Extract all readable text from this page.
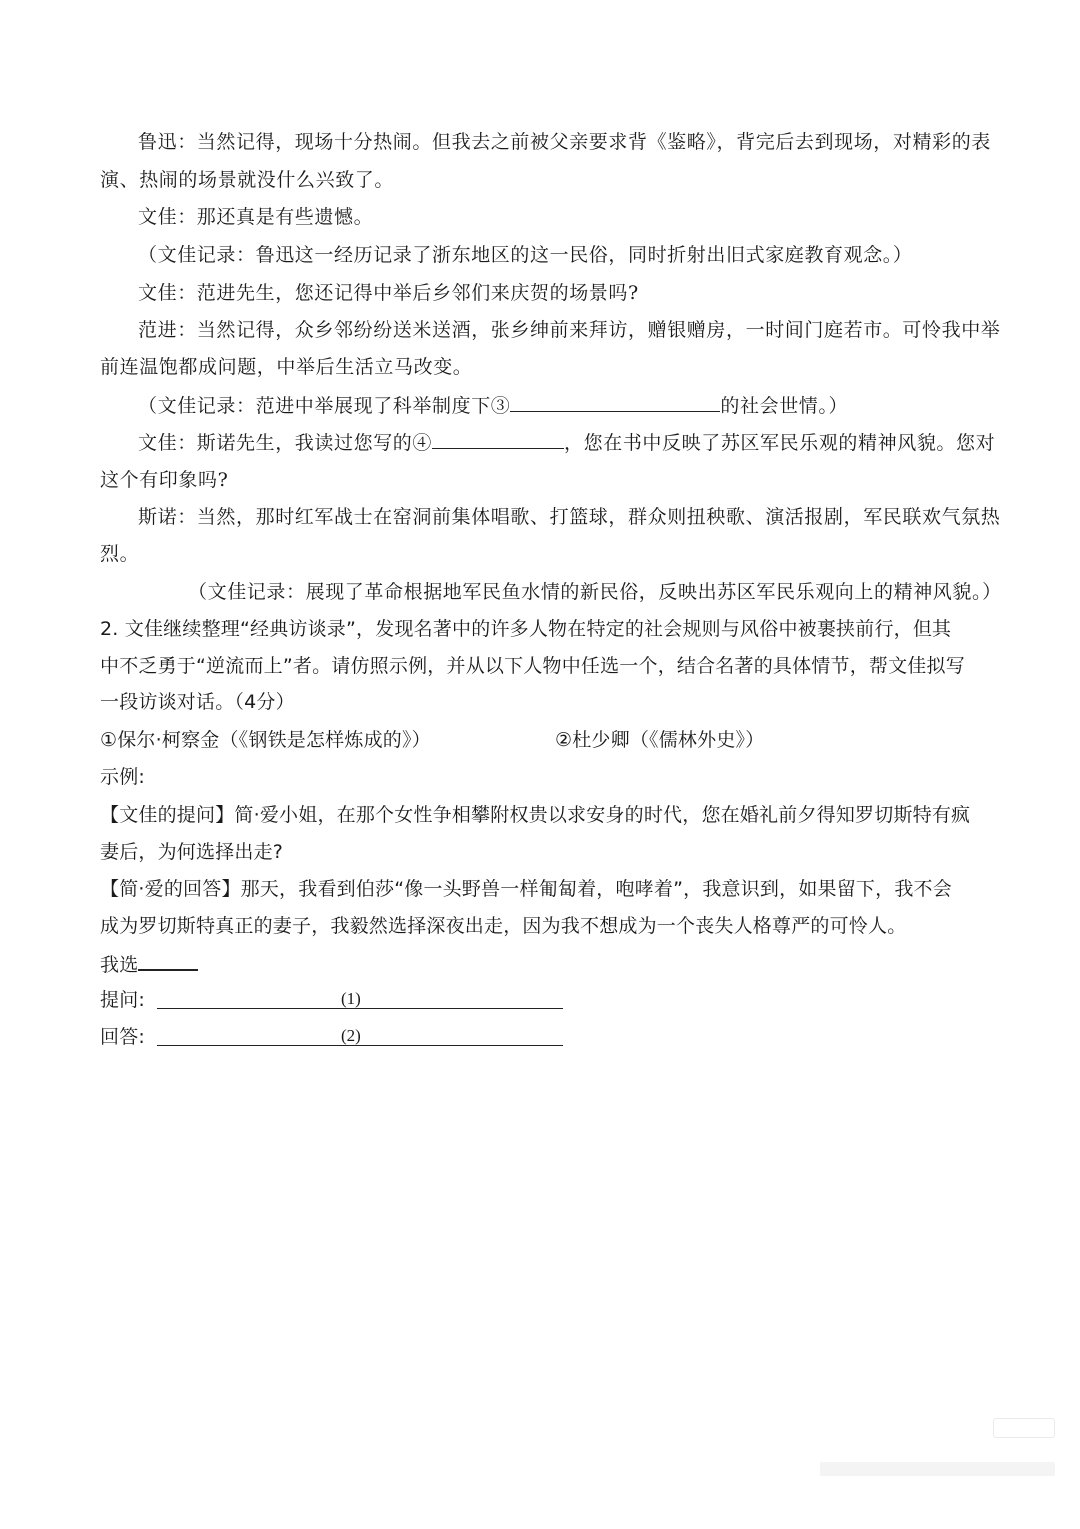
鲁迅：当然记得，现场十分热闹。但我去之前被父亲要求背《鉴略》，背完后去到现场，对精彩的表
演、热闹的场景就没什么兴致了。
文佳：那还真是有些遗憾。
（文佳记录：鲁迅这一经历记录了浙东地区的这一民俗，同时折射出旧式家庭教育观念。）
文佳：范进先生，您还记得中举后乡邻们来庆贺的场景吗?
范进：当然记得，众乡邻纷纷送米送酒，张乡绅前来拜访，赠银赠房，一时间门庭若市。可怜我中举
前连温饱都成问题，中举后生活立马改变。
（文佳记录：范进中举展现了科举制度下③	的社会世情。）
文佳：斯诺先生，我读过您写的④	，您在书中反映了苏区军民乐观的精神风貌。您对
这个有印象吗?
斯诺：当然，那时红军战士在窑洞前集体唱歌、打篮球，群众则扭秧歌、演活报剧，军民联欢气氛热
烈。
（文佳记录：展现了革命根据地军民鱼水情的新民俗，反映出苏区军民乐观向上的精神风貌。）
2. 文佳继续整理“经典访谈录”，发现名著中的许多人物在特定的社会规则与风俗中被裹挟前行，但其
中不乏勇于“逆流而上”者。请仿照示例，并从以下人物中任选一个，结合名著的具体情节，帮文佳拟写
一段访谈对话。（4分）
①保尔·柯察金（《钢铁是怎样炼成的》）	②杜少卿（《儒林外史》）
示例:
【文佳的提问】简·爱小姐，在那个女性争相攀附权贵以求安身的时代，您在婚礼前夕得知罗切斯特有疯
妻后，为何选择出走?
【简·爱的回答】那天，我看到伯莎“像一头野兽一样匍匐着，咆哮着”，我意识到，如果留下，我不会
成为罗切斯特真正的妻子，我毅然选择深夜出走，因为我不想成为一个丧失人格尊严的可怜人。
我选
提问:	(1)
回答:	(2)
